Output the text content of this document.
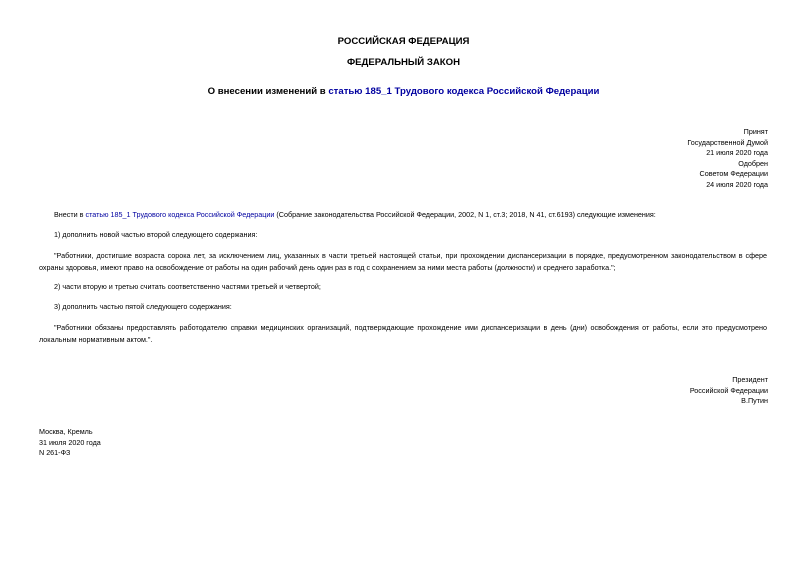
РОССИЙСКАЯ ФЕДЕРАЦИЯ
ФЕДЕРАЛЬНЫЙ ЗАКОН
О внесении изменений в статью 185_1 Трудового кодекса Российской Федерации
Принят
Государственной Думой
21 июля 2020 года
Одобрен
Советом Федерации
24 июля 2020 года
Внести в статью 185_1 Трудового кодекса Российской Федерации (Собрание законодательства Российской Федерации, 2002, N 1, ст.3; 2018, N 41, ст.6193) следующие изменения:
1) дополнить новой частью второй следующего содержания:
"Работники, достигшие возраста сорока лет, за исключением лиц, указанных в части третьей настоящей статьи, при прохождении диспансеризации в порядке, предусмотренном законодательством в сфере охраны здоровья, имеют право на освобождение от работы на один рабочий день один раз в год с сохранением за ними места работы (должности) и среднего заработка.";
2) части вторую и третью считать соответственно частями третьей и четвертой;
3) дополнить частью пятой следующего содержания:
"Работники обязаны предоставлять работодателю справки медицинских организаций, подтверждающие прохождение ими диспансеризации в день (дни) освобождения от работы, если это предусмотрено локальным нормативным актом.".
Президент
Российской Федерации
В.Путин
Москва, Кремль
31 июля 2020 года
N 261-ФЗ
